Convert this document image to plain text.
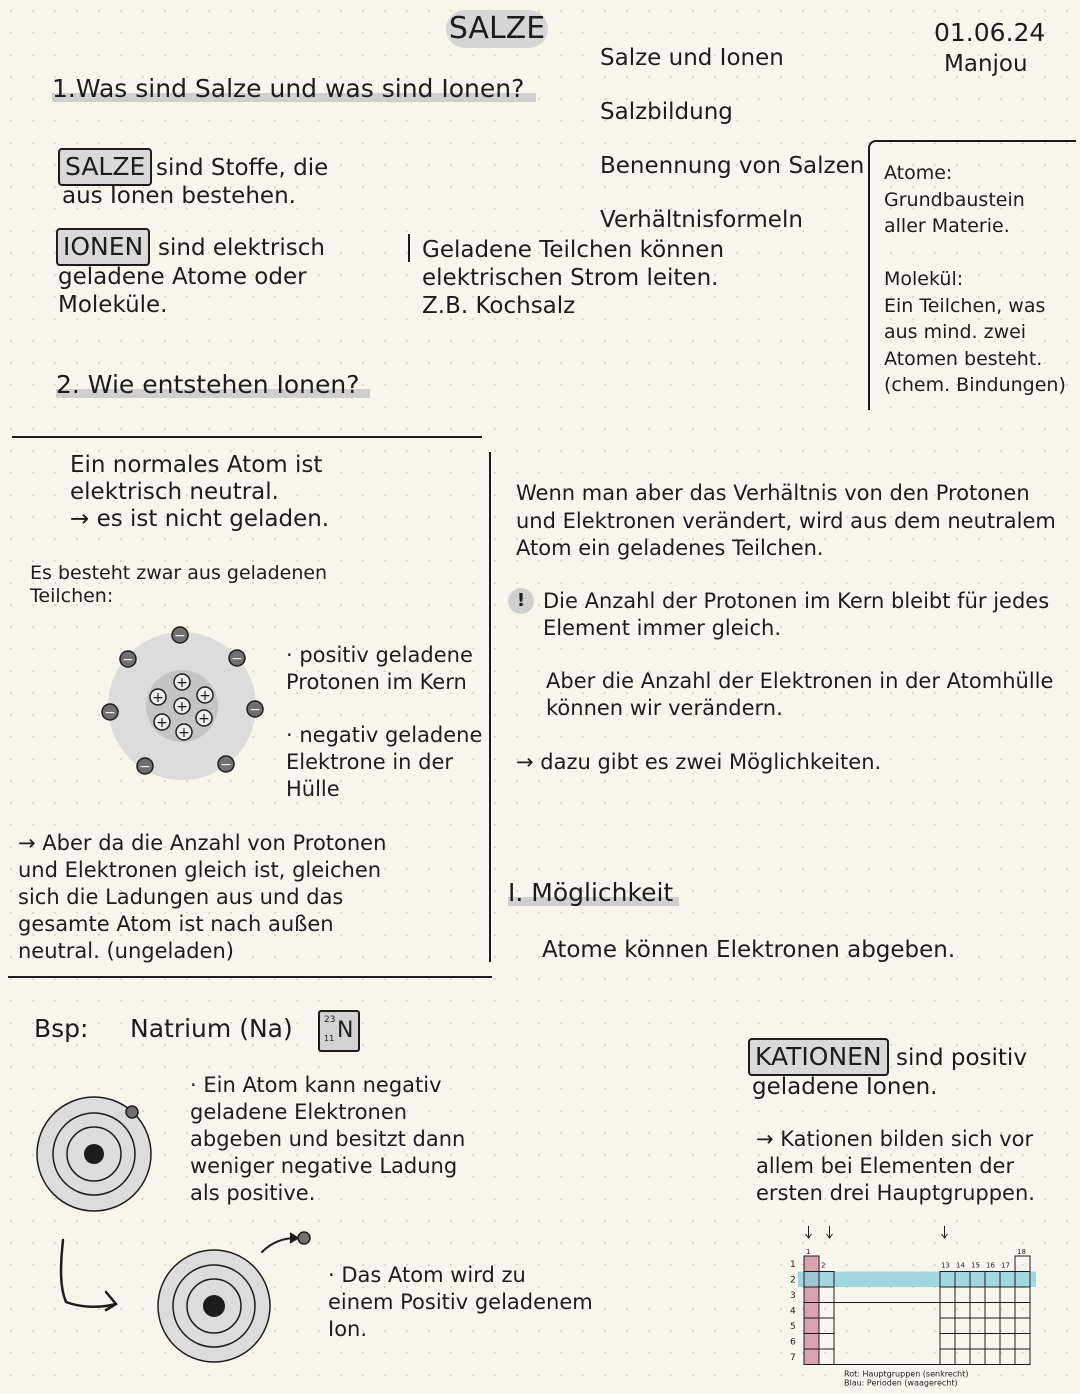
SALZE

Salze und Ionen

Salzbildung

Benennung von Salzen

Verhältnisformeln

01.06.24
Manjou
1.Was sind Salze und was sind Ionen?
SALZE sind Stoffe, die
aus Ionen bestehen.
IONEN sind elektrisch
geladene Atome oder
Moleküle.
Geladene Teilchen können
elektrischen Strom leiten.
Z.B. Kochsalz
Atome:
Grundbaustein
aller Materie.

Molekül:
Ein Teilchen, was
aus mind. zwei
Atomen besteht.
(chem. Bindungen)
2. Wie entstehen Ionen?
Ein normales Atom ist
elektrisch neutral.
→ es ist nicht geladen.
Es besteht zwar aus geladenen
Teilchen:
+
+	+
+
+ +
+
−
−	−
−	−
−	−
· positiv geladene
Protonen im Kern
· negativ geladene
Elektrone in der
Hülle
→ Aber da die Anzahl von Protonen
und Elektronen gleich ist, gleichen
sich die Ladungen aus und das
gesamte Atom ist nach außen
neutral. (ungeladen)
Wenn man aber das Verhältnis von den Protonen
und Elektronen verändert, wird aus dem neutralem
Atom ein geladenes Teilchen.
! Die Anzahl der Protonen im Kern bleibt für jedes
Element immer gleich.
Aber die Anzahl der Elektronen in der Atomhülle
können wir verändern.
→ dazu gibt es zwei Möglichkeiten.
I. Möglichkeit
Atome können Elektronen abgeben.
Bsp: Natrium (Na)	23
11 N
· Ein Atom kann negativ
geladene Elektronen
abgeben und besitzt dann
weniger negative Ladung
als positive.
· Das Atom wird zu
einem Positiv geladenem
Ion.
KATIONEN sind positiv
geladene Ionen.
→ Kationen bilden sich vor
allem bei Elementen der
ersten drei Hauptgruppen.
1
2	13 14 15 16 17
18
1
2
3
4
5
6
7
Rot: Hauptgruppen (senkrecht)
Blau: Perioden (waagerecht)
